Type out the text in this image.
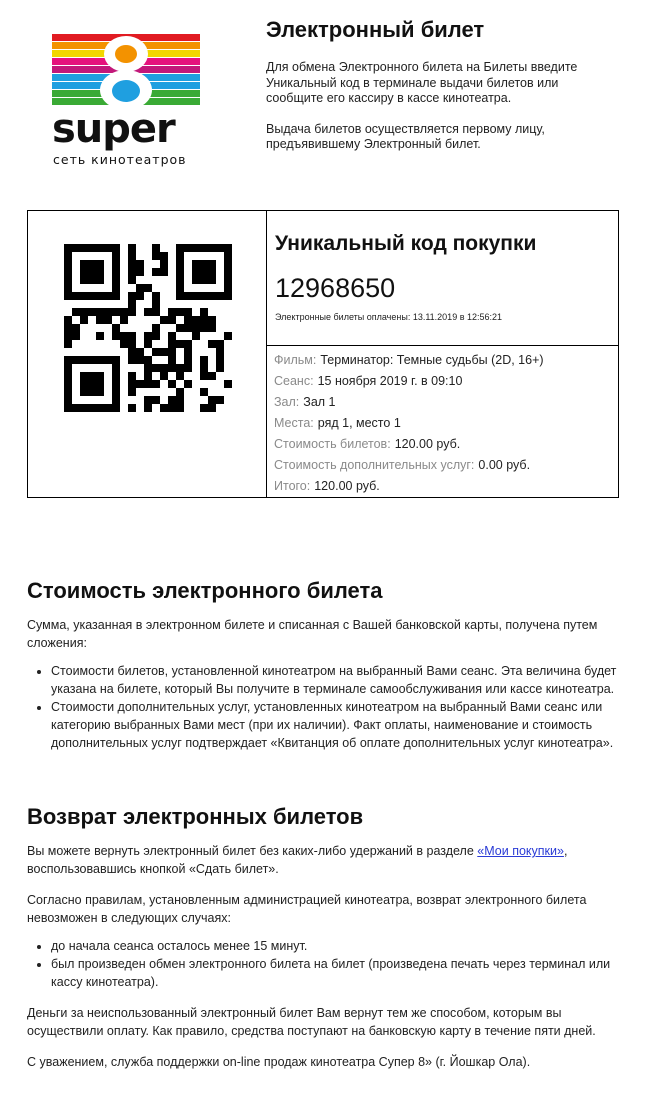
super
сеть кинотеатров
Электронный билет

Для обмена Электронного билета на Билеты введите Уникальный код в терминале выдачи билетов или сообщите его кассиру в кассе кинотеатра.

Выдача билетов осуществляется первому лицу, предъявившему Электронный билет.

Уникальный код покупки
12968650
Электронные билеты оплачены: 13.11.2019 в 12:56:21
Фильм: Терминатор: Темные судьбы (2D, 16+)
Сеанс: 15 ноября 2019 г. в 09:10
Зал: Зал 1
Места: ряд 1, место 1
Стоимость билетов: 120.00 руб.
Стоимость дополнительных услуг: 0.00 руб.
Итого: 120.00 руб.
Стоимость электронного билета

Сумма, указанная в электронном билете и списанная с Вашей банковской карты, получена путем сложения:

• Стоимости билетов, установленной кинотеатром на выбранный Вами сеанс. Эта величина будет указана на билете, который Вы получите в терминале самообслуживания или кассе кинотеатра.
• Стоимости дополнительных услуг, установленных кинотеатром на выбранный Вами сеанс или категорию выбранных Вами мест (при их наличии). Факт оплаты, наименование и стоимость дополнительных услуг подтверждает «Квитанция об оплате дополнительных услуг кинотеатра».
Возврат электронных билетов

Вы можете вернуть электронный билет без каких-либо удержаний в разделе «Мои покупки», воспользовавшись кнопкой «Сдать билет».

Согласно правилам, установленным администрацией кинотеатра, возврат электронного билета невозможен в следующих случаях:

• до начала сеанса осталось менее 15 минут.
• был произведен обмен электронного билета на билет (произведена печать через терминал или кассу кинотеатра).

Деньги за неиспользованный электронный билет Вам вернут тем же способом, которым вы осуществили оплату. Как правило, средства поступают на банковскую карту в течение пяти дней.

С уважением, служба поддержки on-line продаж кинотеатра Супер 8» (г. Йошкар Ола).
